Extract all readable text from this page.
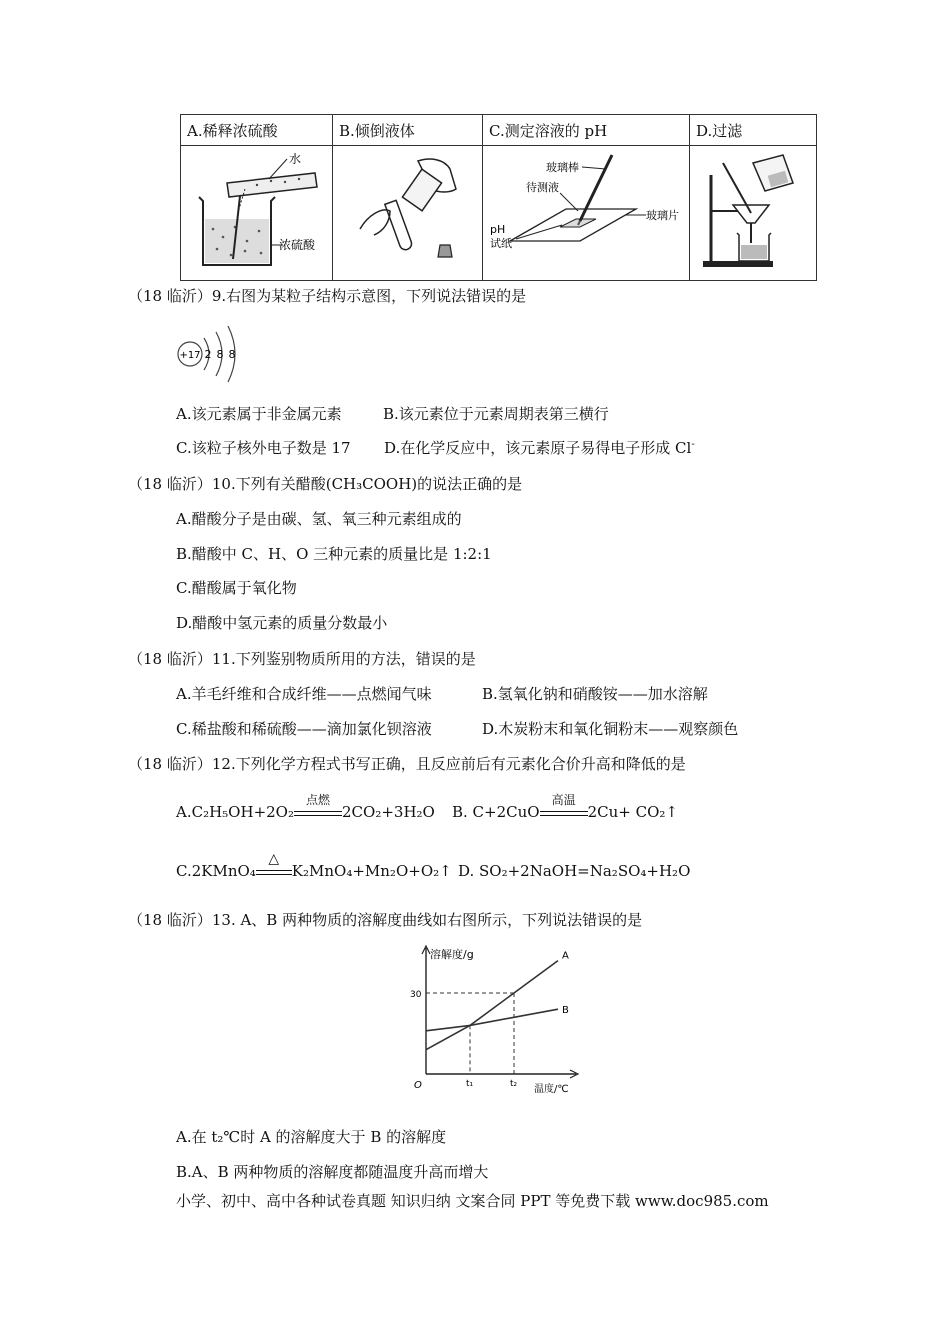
A.稀释浓硫酸	B.倾倒液体	C.测定溶液的 pH	D.过滤

水
浓硫酸		玻璃棒
待测液
pH
试纸
玻璃片

（18 临沂）9.右图为某粒子结构示意图，下列说法错误的是
+17 2 8 8
A.该元素属于非金属元素	B.该元素位于元素周期表第三横行
C.该粒子核外电子数是 17 D.在化学反应中，该元素原子易得电子形成 Cl-
（18 临沂）10.下列有关醋酸(CH₃COOH)的说法正确的是
A.醋酸分子是由碳、氢、氧三种元素组成的
B.醋酸中 C、H、O 三种元素的质量比是 1:2:1
C.醋酸属于氧化物
D.醋酸中氢元素的质量分数最小
（18 临沂）11.下列鉴别物质所用的方法，错误的是
A.羊毛纤维和合成纤维——点燃闻气味	B.氢氧化钠和硝酸铵——加水溶解
C.稀盐酸和稀硫酸——滴加氯化钡溶液	D.木炭粉末和氧化铜粉末——观察颜色
（18 临沂）12.下列化学方程式书写正确，且反应前后有元素化合价升高和降低的是
A.C₂H₅OH+2O₂
点燃
2CO₂+3H₂O B. C+2CuO
高温
2Cu+ CO₂↑
C.2KMnO₄
△
K₂MnO₄+Mn₂O+O₂↑ D. SO₂+2NaOH=Na₂SO₄+H₂O
（18 临沂）13. A、B 两种物质的溶解度曲线如右图所示，下列说法错误的是
溶解度/g
温度/℃
O
A
B
t₁	t₂
30
A.在 t₂℃时 A 的溶解度大于 B 的溶解度
B.A、B 两种物质的溶解度都随温度升高而增大
小学、初中、高中各种试卷真题 知识归纳 文案合同 PPT 等免费下载 www.doc985.com
